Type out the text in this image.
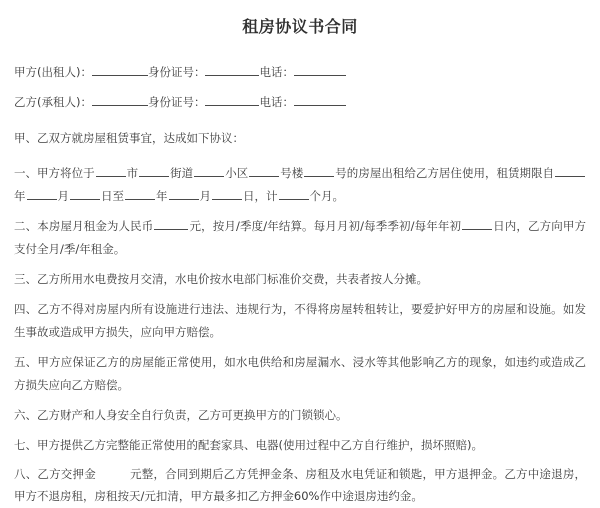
租房协议书合同
甲方(出租人)：	身份证号：	电话：
乙方(承租人)：	身份证号：	电话：
甲、乙双方就房屋租赁事宜，达成如下协议：

一、甲方将位于	市	街道	小区	号楼	号的房屋出租给乙方居住使用，租赁期限自年	月	日至	年	月	日，计	个月。

二、本房屋月租金为人民币	元，按月/季度/年结算。每月月初/每季季初/每年年初	日内，乙方向甲方支付全月/季/年租金。

三、乙方所用水电费按月交清，水电价按水电部门标准价交费，共表者按人分摊。

四、乙方不得对房屋内所有设施进行违法、违规行为，不得将房屋转租转让，要爱护好甲方的房屋和设施。如发生事故或造成甲方损失，应向甲方赔偿。

五、甲方应保证乙方的房屋能正常使用，如水电供给和房屋漏水、浸水等其他影响乙方的现象，如违约或造成乙方损失应向乙方赔偿。

六、乙方财产和人身安全自行负责，乙方可更换甲方的门锁锁心。

七、甲方提供乙方完整能正常使用的配套家具、电器(使用过程中乙方自行维护，损坏照赔)。

八、乙方交押金	元整，合同到期后乙方凭押金条、房租及水电凭证和锁匙，甲方退押金。乙方中途退房，甲方不退房租，房租按天/元扣清，甲方最多扣乙方押金60%作中途退房违约金。
